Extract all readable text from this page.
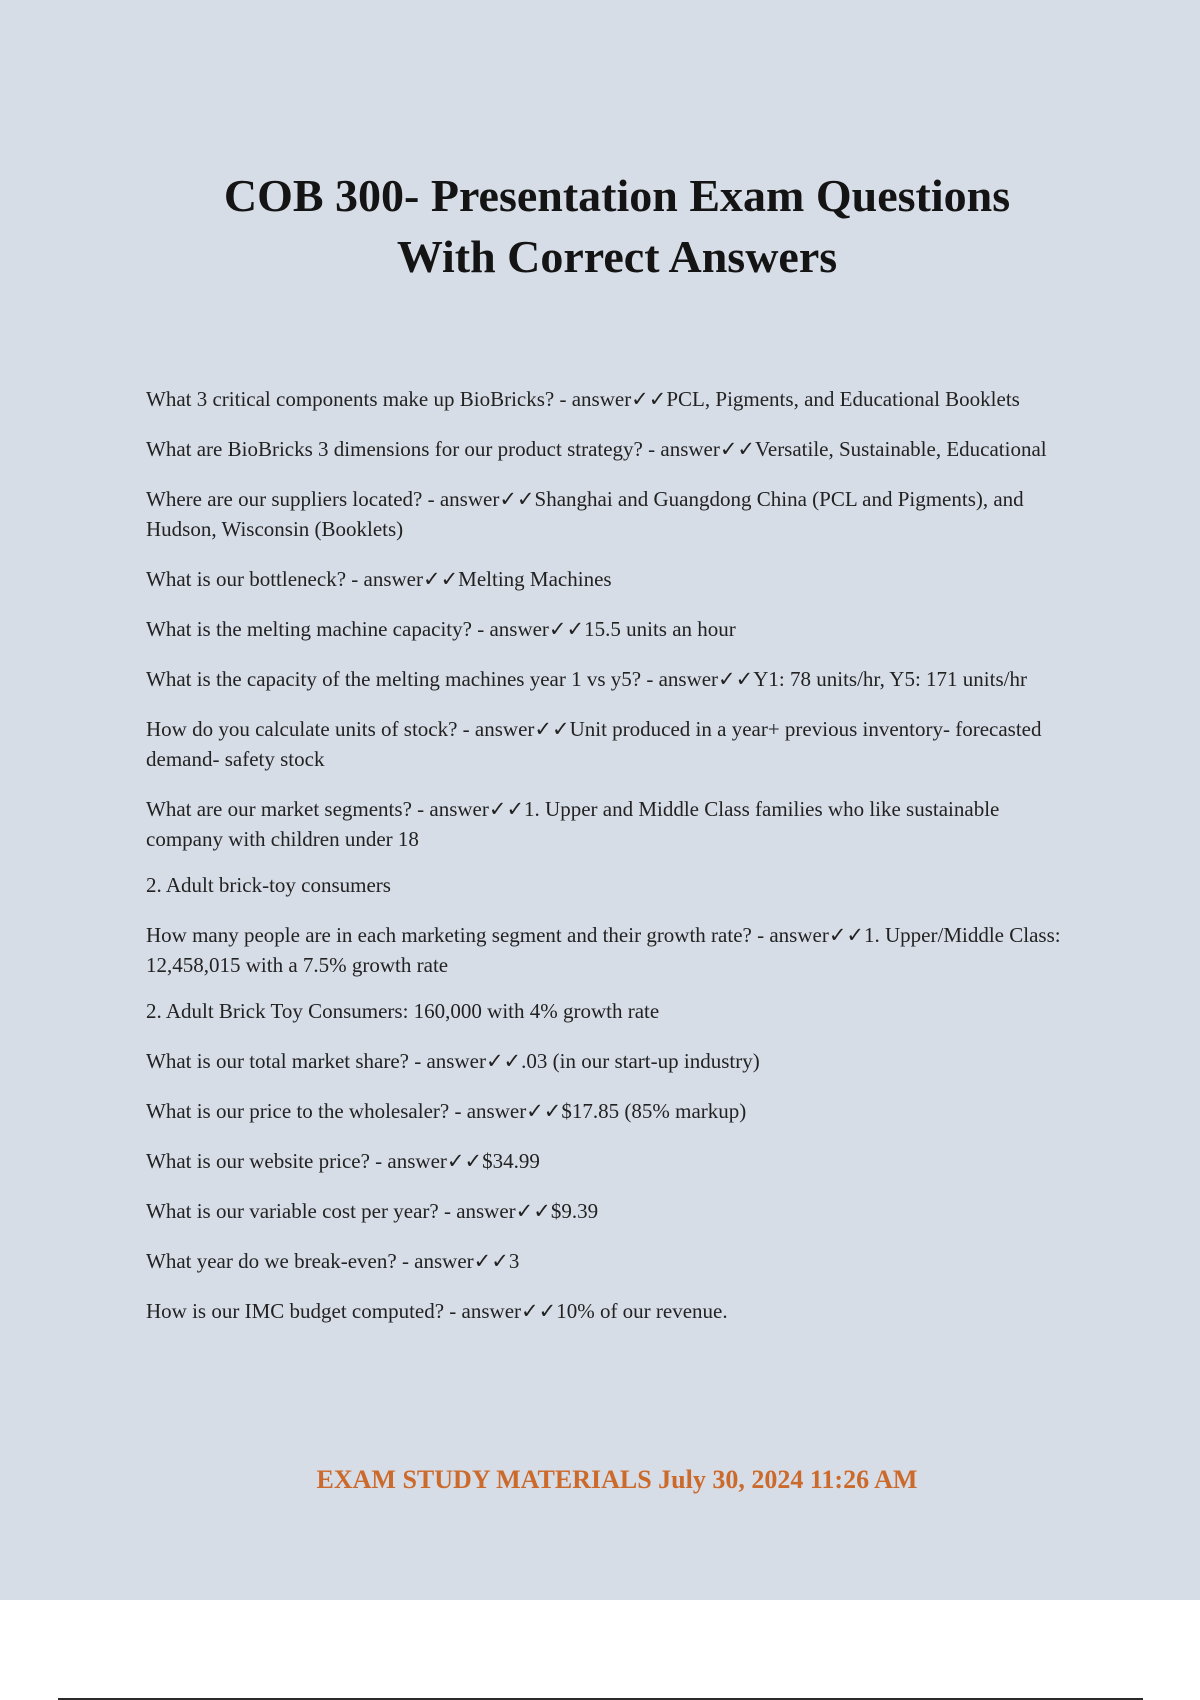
COB 300- Presentation Exam Questions
With Correct Answers

What 3 critical components make up BioBricks? - answer✓✓PCL, Pigments, and Educational Booklets

What are BioBricks 3 dimensions for our product strategy? - answer✓✓Versatile, Sustainable, Educational

Where are our suppliers located? - answer✓✓Shanghai and Guangdong China (PCL and Pigments), and Hudson, Wisconsin (Booklets)

What is our bottleneck? - answer✓✓Melting Machines

What is the melting machine capacity? - answer✓✓15.5 units an hour

What is the capacity of the melting machines year 1 vs y5? - answer✓✓Y1: 78 units/hr, Y5: 171 units/hr

How do you calculate units of stock? - answer✓✓Unit produced in a year+ previous inventory- forecasted demand- safety stock

What are our market segments? - answer✓✓1. Upper and Middle Class families who like sustainable company with children under 18

2. Adult brick-toy consumers

How many people are in each marketing segment and their growth rate? - answer✓✓1. Upper/Middle Class: 12,458,015 with a 7.5% growth rate

2. Adult Brick Toy Consumers: 160,000 with 4% growth rate

What is our total market share? - answer✓✓.03 (in our start-up industry)

What is our price to the wholesaler? - answer✓✓$17.85 (85% markup)

What is our website price? - answer✓✓$34.99

What is our variable cost per year? - answer✓✓$9.39

What year do we break-even? - answer✓✓3

How is our IMC budget computed? - answer✓✓10% of our revenue.

EXAM STUDY MATERIALS July 30, 2024 11:26 AM
